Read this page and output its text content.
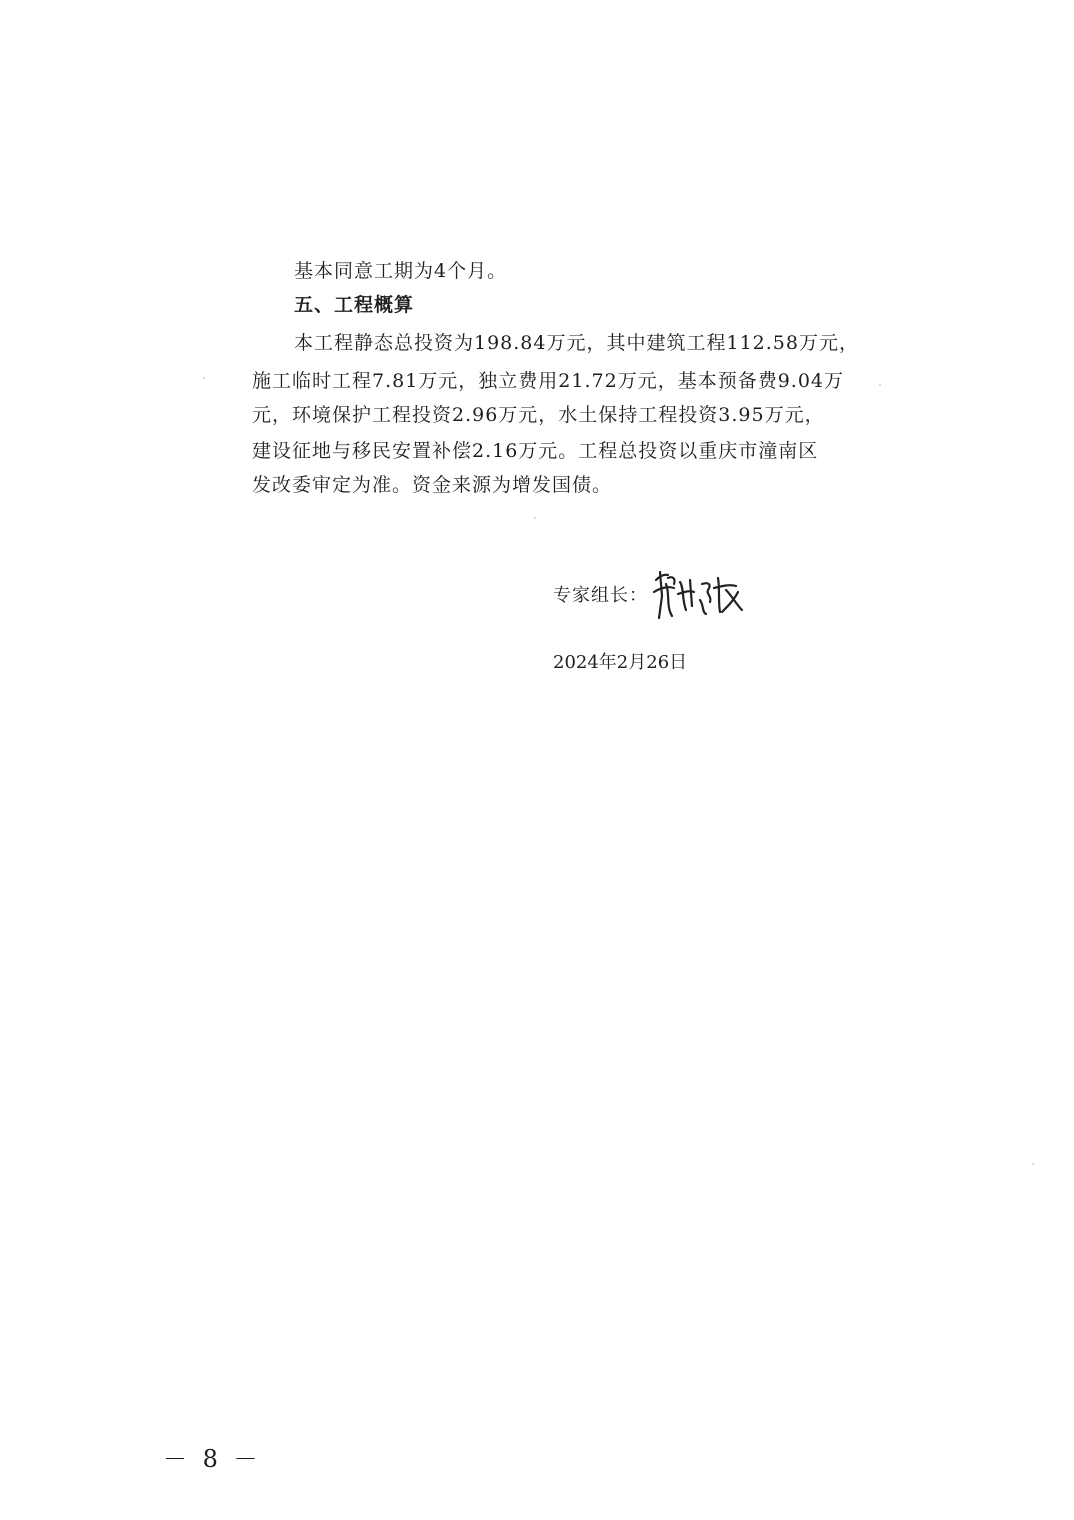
基本同意工期为4个月。
五、工程概算
本工程静态总投资为198.84万元，其中建筑工程112.58万元，
施工临时工程7.81万元，独立费用21.72万元，基本预备费9.04万
元，环境保护工程投资2.96万元，水土保持工程投资3.95万元，
建设征地与移民安置补偿2.16万元。工程总投资以重庆市潼南区
发改委审定为准。资金来源为增发国债。
专家组长：
2024年2月26日
－ 8 －
